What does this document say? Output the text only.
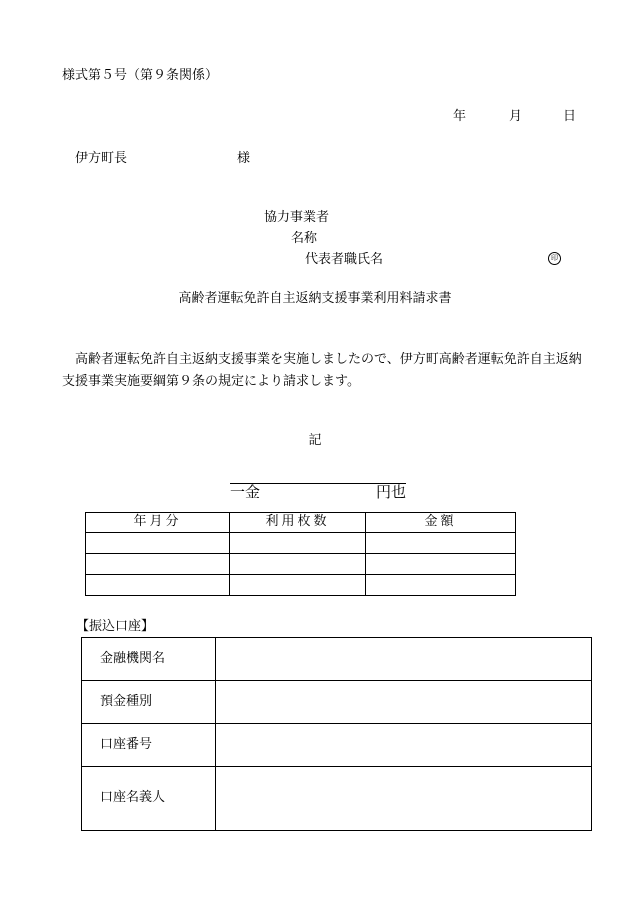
様式第５号（第９条関係）
年	月	日
伊方町長	様
協力事業者
名称
代表者職氏名	印
高齢者運転免許自主返納支援事業利用料請求書
高齢者運転免許自主返納支援事業を実施しましたので、伊方町高齢者運転免許自主返納支援事業実施要綱第９条の規定により請求します。
記
一金	円也
年月分	利用枚数	金額

【振込口座】
金融機関名	
預金種別	
口座番号	
口座名義人	
